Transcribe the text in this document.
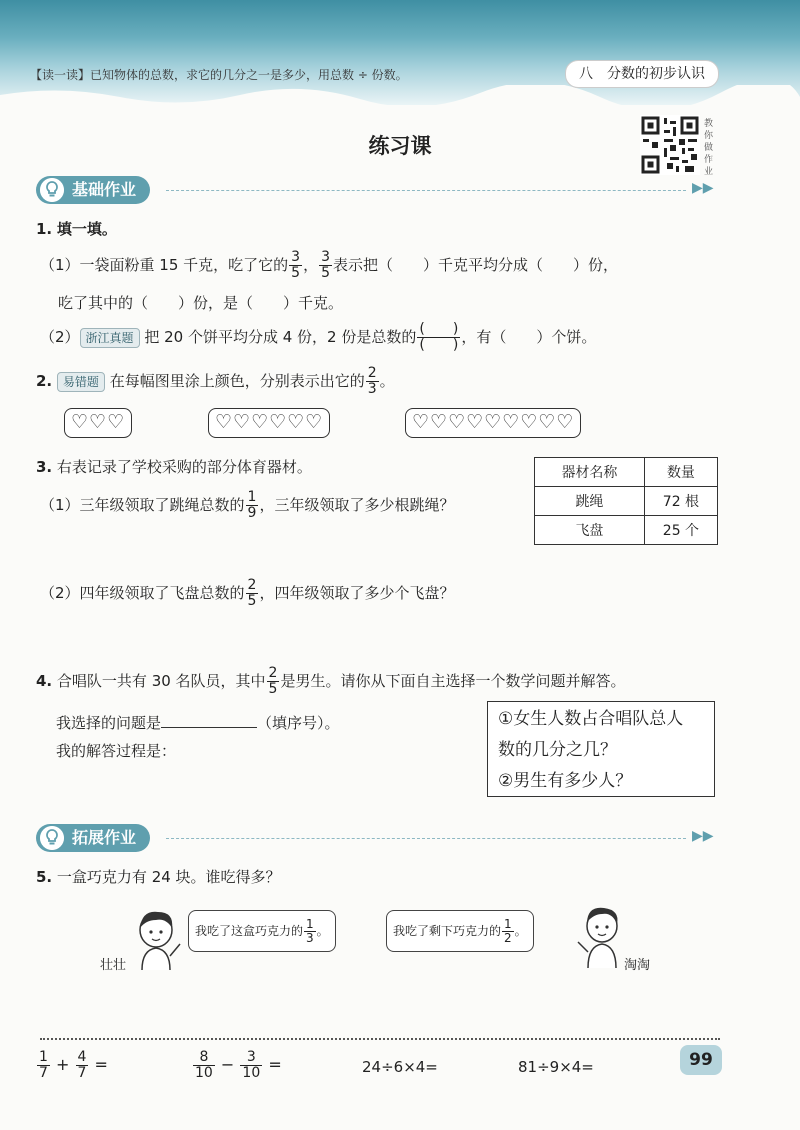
【读一读】已知物体的总数，求它的几分之一是多少，用总数 ÷ 份数。	八　分数的初步认识
练习课
教你做作业
基础作业	▶▶
1. 填一填。
（1）一袋面粉重 15 千克，吃了它的 $\frac{3}{5}$ ， $\frac{3}{5}$ 表示把（　　）千克平均分成（　　）份，
吃了其中的（　　）份，是（　　）千克。
（2） 浙江真题 把 20 个饼平均分成 4 份，2 份是总数的 $\frac{( )}{( )}$ ，有（　　）个饼。
2. 易错题 在每幅图里涂上颜色，分别表示出它的 $\frac{2}{3}$ 。
♡♡♡	♡♡♡♡♡♡	♡♡♡♡♡♡♡♡♡
3. 右表记录了学校采购的部分体育器材。	器材名称	数量
跳绳	72 根
飞盘	25 个
（1）三年级领取了跳绳总数的 $\frac{1}{9}$ ，三年级领取了多少根跳绳？
（2）四年级领取了飞盘总数的 $\frac{2}{5}$ ，四年级领取了多少个飞盘？
4. 合唱队一共有 30 名队员，其中 $\frac{2}{5}$ 是男生。请你从下面自主选择一个数学问题并解答。
我选择的问题是	（填序号）。
我的解答过程是：
①女生人数占合唱队总人
数的几分之几？
②男生有多少人？
拓展作业	▶▶
5. 一盒巧克力有 24 块。谁吃得多？
壮壮
我吃了这盒巧克力的 $\frac{1}{3}$ 。	我吃了剩下巧克力的 $\frac{1}{2}$ 。
淘淘
$\frac{1}{7} + \frac{4}{7}$ =	$\frac{8}{10} - \frac{3}{10}$ =	24÷6×4=	81÷9×4=	99
